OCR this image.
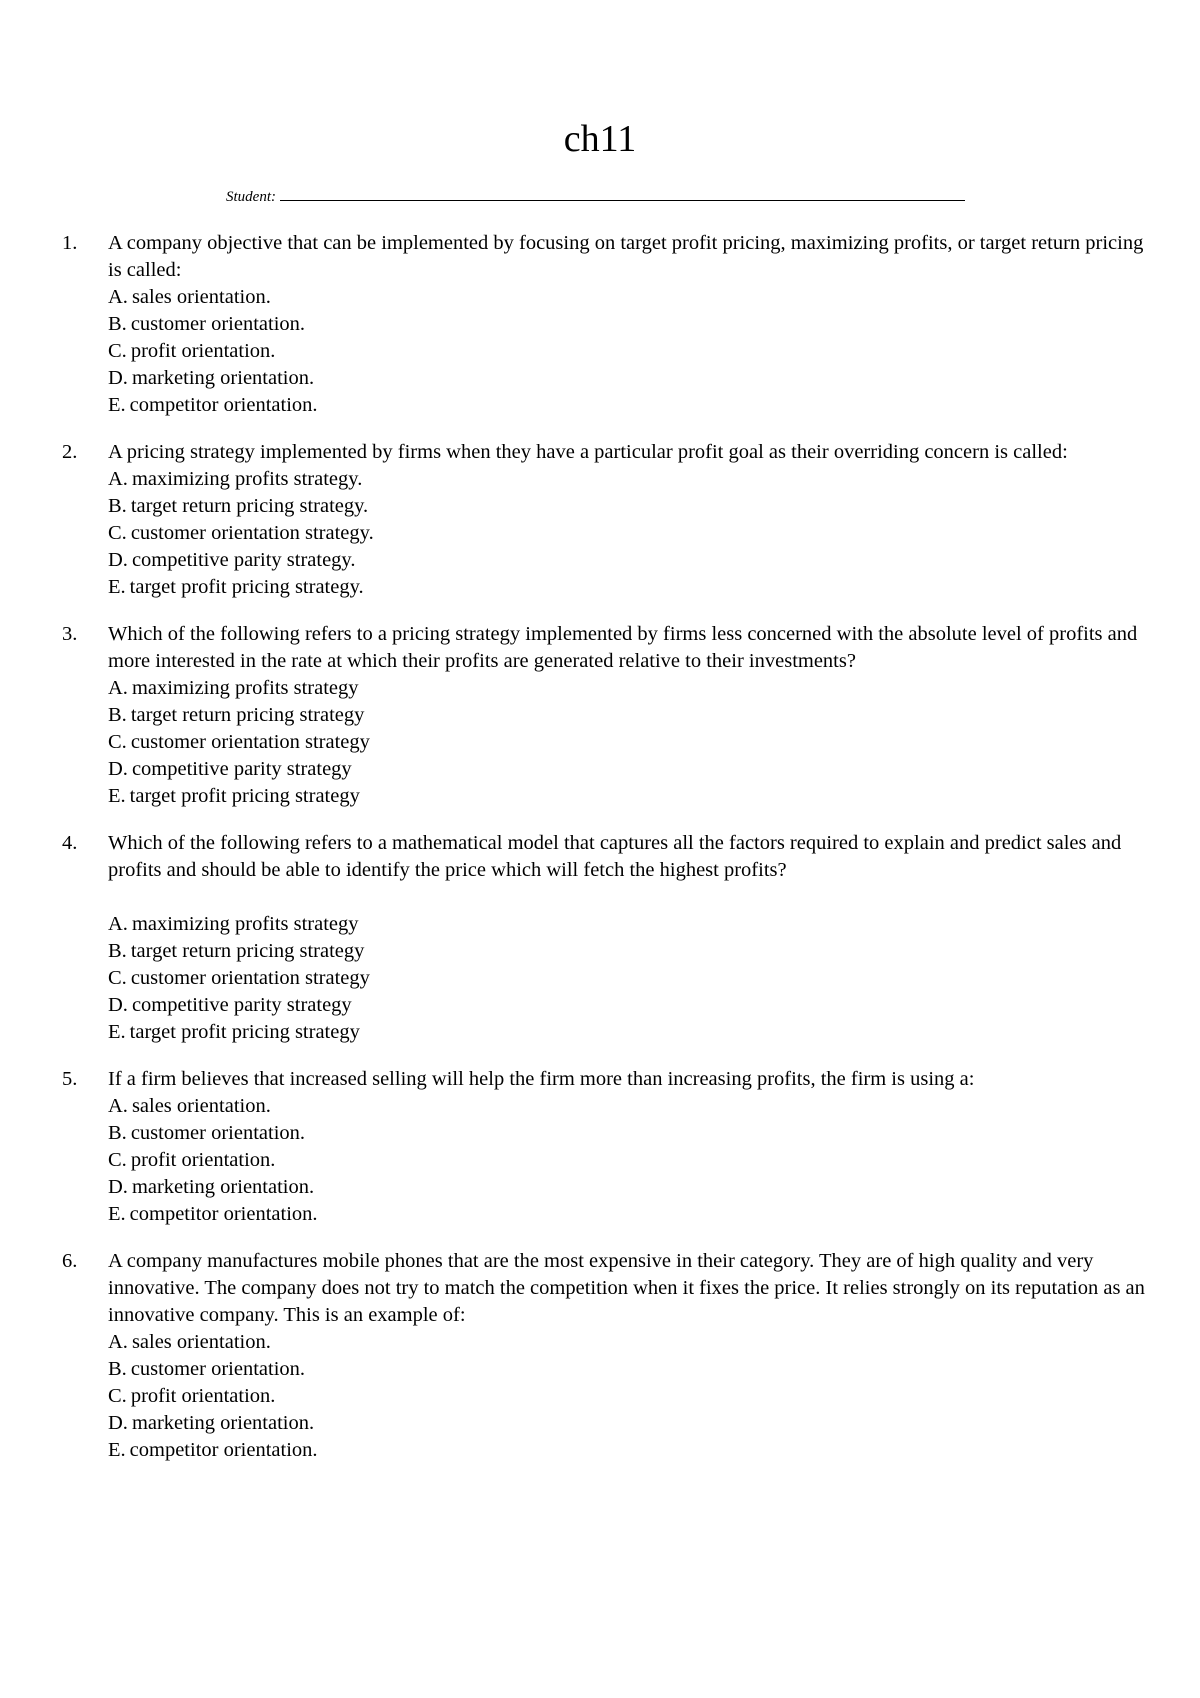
ch11
Student:
1. A company objective that can be implemented by focusing on target profit pricing, maximizing profits, or target return pricing is called:
A. sales orientation.
B. customer orientation.
C. profit orientation.
D. marketing orientation.
E. competitor orientation.
2. A pricing strategy implemented by firms when they have a particular profit goal as their overriding concern is called:
A. maximizing profits strategy.
B. target return pricing strategy.
C. customer orientation strategy.
D. competitive parity strategy.
E. target profit pricing strategy.
3. Which of the following refers to a pricing strategy implemented by firms less concerned with the absolute level of profits and more interested in the rate at which their profits are generated relative to their investments?
A. maximizing profits strategy
B. target return pricing strategy
C. customer orientation strategy
D. competitive parity strategy
E. target profit pricing strategy
4. Which of the following refers to a mathematical model that captures all the factors required to explain and predict sales and profits and should be able to identify the price which will fetch the highest profits?
A. maximizing profits strategy
B. target return pricing strategy
C. customer orientation strategy
D. competitive parity strategy
E. target profit pricing strategy
5. If a firm believes that increased selling will help the firm more than increasing profits, the firm is using a:
A. sales orientation.
B. customer orientation.
C. profit orientation.
D. marketing orientation.
E. competitor orientation.
6. A company manufactures mobile phones that are the most expensive in their category. They are of high quality and very innovative. The company does not try to match the competition when it fixes the price. It relies strongly on its reputation as an innovative company. This is an example of:
A. sales orientation.
B. customer orientation.
C. profit orientation.
D. marketing orientation.
E. competitor orientation.
